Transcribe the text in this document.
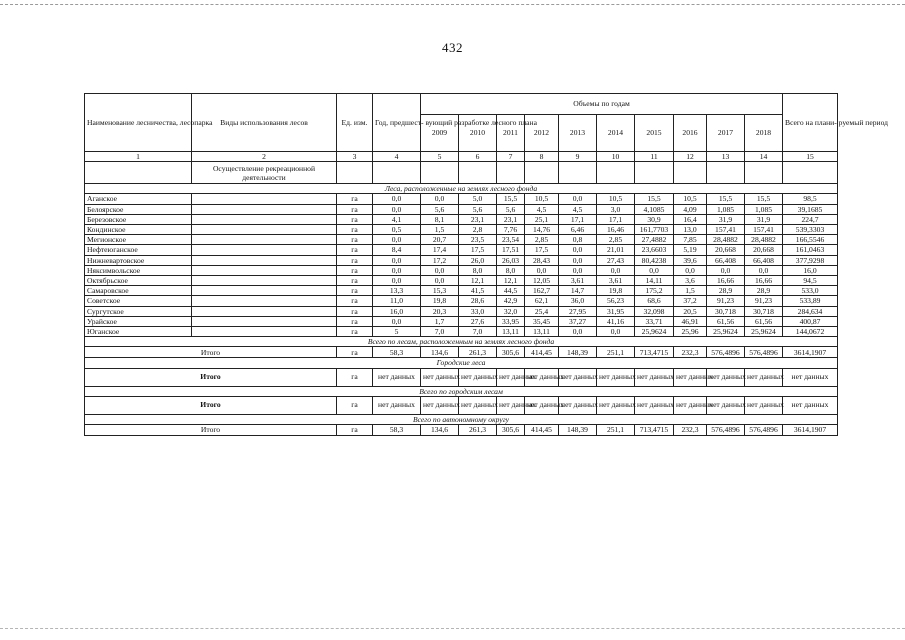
432
Наименование лесничества, лесопарка	Виды использования лесов	Ед. изм.	Год, предшест- вующий разработке лесного плана	Объемы по годам										Всего на плани- руемый период
				2009	2010	2011	2012	2013	2014	2015	2016	2017	2018	
1	2	3	4	5	6	7	8	9	10	11	12	13	14	15
	Осуществление рекреационной деятельности													
Леса, расположенные на землях лесного фонда														
Аганское		га	0,0	0,0	5,0	15,5	10,5	0,0	10,5	15,5	10,5	15,5	15,5	98,5
Белоярское		га	0,0	5,6	5,6	5,6	4,5	4,5	3,0	4,1085	4,09	1,085	1,085	39,1685
Березовское		га	4,1	8,1	23,1	23,1	25,1	17,1	17,1	30,9	16,4	31,9	31,9	224,7
Кондинское		га	0,5	1,5	2,8	7,76	14,76	6,46	16,46	161,7703	13,0	157,41	157,41	539,3303
Мегионское		га	0,0	20,7	23,5	23,54	2,85	0,8	2,85	27,4882	7,85	28,4882	28,4882	166,5546
Нефтеюганское		га	8,4	17,4	17,5	17,51	17,5	0,0	21,01	23,6603	5,19	20,668	20,668	161,0463
Нижневартовское		га	0,0	17,2	26,0	26,03	28,43	0,0	27,43	80,4238	39,6	66,408	66,408	377,9298
Няксимвольское		га	0,0	0,0	8,0	8,0	0,0	0,0	0,0	0,0	0,0	0,0	0,0	16,0
Октябрьское		га	0,0	0,0	12,1	12,1	12,05	3,61	3,61	14,11	3,6	16,66	16,66	94,5
Самаровское		га	13,3	15,3	41,5	44,5	162,7	14,7	19,8	175,2	1,5	28,9	28,9	533,0
Советское		га	11,0	19,8	28,6	42,9	62,1	36,0	56,23	68,6	37,2	91,23	91,23	533,89
Сургутское		га	16,0	20,3	33,0	32,0	25,4	27,95	31,95	32,098	20,5	30,718	30,718	284,634
Урайское		га	0,0	1,7	27,6	33,95	35,45	37,27	41,16	33,71	46,91	61,56	61,56	400,87
Юганское		га	5	7,0	7,0	13,11	13,11	0,0	0,0	25,9624	25,96	25,9624	25,9624	144,0672
Всего по лесам, расположенным на землях лесного фонда														
Итого		га	58,3	134,6	261,3	305,6	414,45	148,39	251,1	713,4715	232,3	576,4896	576,4896	3614,1907
Городские леса														
Итого		га	нет данных	нет данных	нет данных	нет данных	нет данных	нет данных	нет данных	нет данных	нет данных	нет данных	нет данных	нет данных
Всего по городским лесам														
Итого		га	нет данных	нет данных	нет данных	нет данных	нет данных	нет данных	нет данных	нет данных	нет данных	нет данных	нет данных	нет данных
Всего по автономному округу														
Итого		га	58,3	134,6	261,3	305,6	414,45	148,39	251,1	713,4715	232,3	576,4896	576,4896	3614,1907
